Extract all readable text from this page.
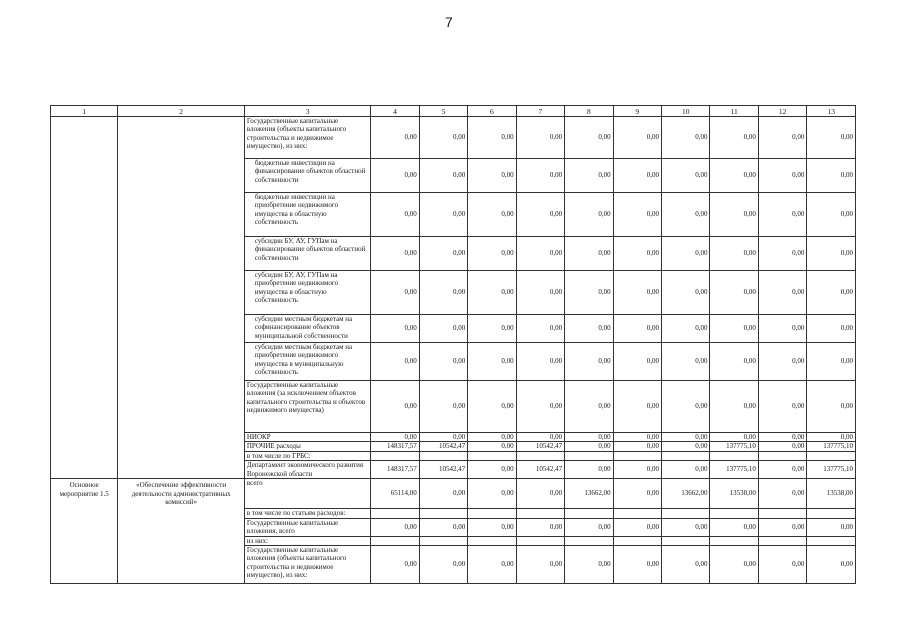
7
1	2	3	4	5	6	7	8	9	10	11	12	13
		Государственные капитальные вложения (объекты капитального строительства и недвижимое имущество), из них:	0,00	0,00	0,00	0,00	0,00	0,00	0,00	0,00	0,00	0,00
		бюджетные инвестиции на финансирование объектов областной собственности	0,00	0,00	0,00	0,00	0,00	0,00	0,00	0,00	0,00	0,00
		бюджетные инвестиции на приобретение недвижимого имущества в областную собственность	0,00	0,00	0,00	0,00	0,00	0,00	0,00	0,00	0,00	0,00
		субсидии БУ, АУ, ГУПам на финансирование объектов областной собственности	0,00	0,00	0,00	0,00	0,00	0,00	0,00	0,00	0,00	0,00
		субсидии БУ, АУ, ГУПам на приобретение недвижимого имущества в областную собственность	0,00	0,00	0,00	0,00	0,00	0,00	0,00	0,00	0,00	0,00
		субсидии местным бюджетам на софинансирование объектов муниципальной собственности	0,00	0,00	0,00	0,00	0,00	0,00	0,00	0,00	0,00	0,00
		субсидии местным бюджетам на приобретение недвижимого имущества в муниципальную собственность	0,00	0,00	0,00	0,00	0,00	0,00	0,00	0,00	0,00	0,00
		Государственные капитальные вложения (за исключением объектов капитального строительства и объектов недвижимого имущества)	0,00	0,00	0,00	0,00	0,00	0,00	0,00	0,00	0,00	0,00
		НИОКР	0,00	0,00	0,00	0,00	0,00	0,00	0,00	0,00	0,00	0,00
		ПРОЧИЕ расходы	148317,57	10542,47	0,00	10542,47	0,00	0,00	0,00	137775,10	0,00	137775,10
		в том числе по ГРБС:										
		Департамент экономического развития Воронежской области	148317,57	10542,47	0,00	10542,47	0,00	0,00	0,00	137775,10	0,00	137775,10
Основное мероприятие 1.5	«Обеспечение эффективности деятельности административных комиссий»	всего	65114,00	0,00	0,00	0,00	13662,00	0,00	13662,00	13538,00	0,00	13538,00
		в том числе по статьям расходов:										
		Государственные капитальные вложения, всего	0,00	0,00	0,00	0,00	0,00	0,00	0,00	0,00	0,00	0,00
		из них:										
		Государственные капитальные вложения (объекты капитального строительства и недвижимое имущество), из них:	0,00	0,00	0,00	0,00	0,00	0,00	0,00	0,00	0,00	0,00
